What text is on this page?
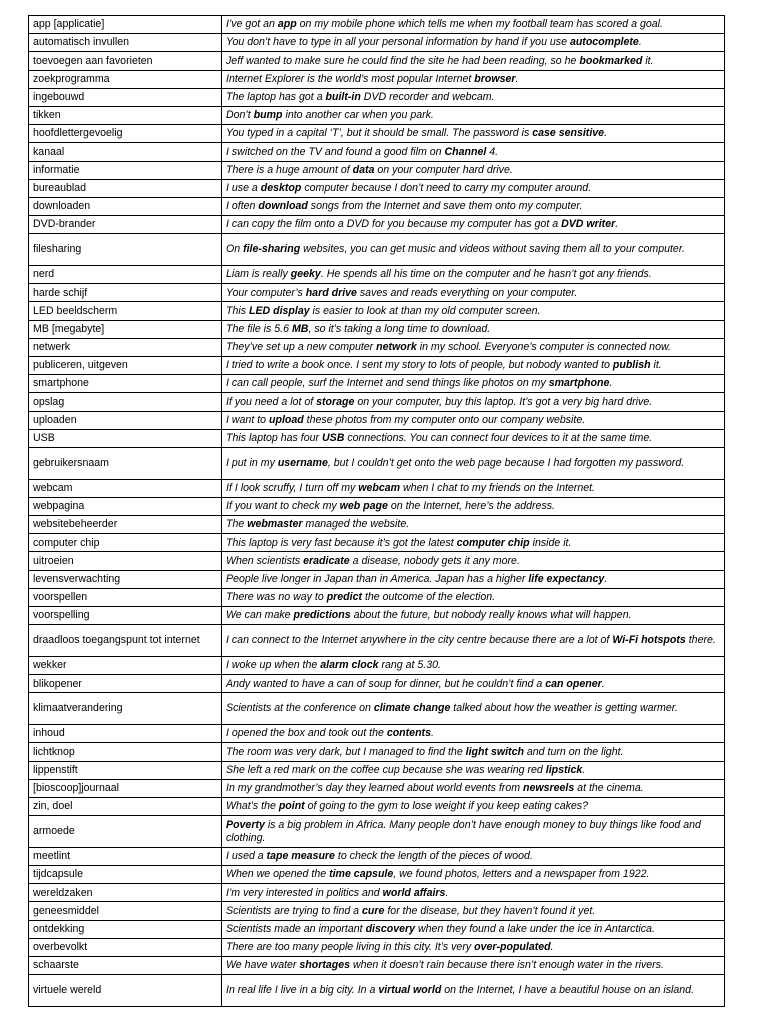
app [applicatie]	I’ve got an app on my mobile phone which tells me when my football team has scored a goal.
automatisch invullen	You don’t have to type in all your personal information by hand if you use autocomplete.
toevoegen aan favorieten	Jeff wanted to make sure he could find the site he had been reading, so he bookmarked it.
zoekprogramma	Internet Explorer is the world’s most popular Internet browser.
ingebouwd	The laptop has got a built-in DVD recorder and webcam.
tikken	Don’t bump into another car when you park.
hoofdlettergevoelig	You typed in a capital ‘T’, but it should be small. The password is case sensitive.
kanaal	I switched on the TV and found a good film on Channel 4.
informatie	There is a huge amount of data on your computer hard drive.
bureaublad	I use a desktop computer because I don’t need to carry my computer around.
downloaden	I often download songs from the Internet and save them onto my computer.
DVD-brander	I can copy the film onto a DVD for you because my computer has got a DVD writer.
filesharing	On file-sharing websites, you can get music and videos without saving them all to your computer.
nerd	Liam is really geeky. He spends all his time on the computer and he hasn’t got any friends.
harde schijf	Your computer’s hard drive saves and reads everything on your computer.
LED beeldscherm	This LED display is easier to look at than my old computer screen.
MB [megabyte]	The file is 5.6 MB, so it’s taking a long time to download.
netwerk	They’ve set up a new computer network in my school. Everyone’s computer is connected now.
publiceren, uitgeven	I tried to write a book once. I sent my story to lots of people, but nobody wanted to publish it.
smartphone	I can call people, surf the Internet and send things like photos on my smartphone.
opslag	If you need a lot of storage on your computer, buy this laptop. It’s got a very big hard drive.
uploaden	I want to upload these photos from my computer onto our company website.
USB	This laptop has four USB connections. You can connect four devices to it at the same time.
gebruikersnaam	I put in my username, but I couldn’t get onto the web page because I had forgotten my password.
webcam	If I look scruffy, I turn off my webcam when I chat to my friends on the Internet.
webpagina	If you want to check my web page on the Internet, here’s the address.
websitebeheerder	The webmaster managed the website.
computer chip	This laptop is very fast because it’s got the latest computer chip inside it.
uitroeien	When scientists eradicate a disease, nobody gets it any more.
levensverwachting	People live longer in Japan than in America. Japan has a higher life expectancy.
voorspellen	There was no way to predict the outcome of the election.
voorspelling	We can make predictions about the future, but nobody really knows what will happen.
draadloos toegangspunt tot internet	I can connect to the Internet anywhere in the city centre because there are a lot of Wi-Fi hotspots there.
wekker	I woke up when the alarm clock rang at 5.30.
blikopener	Andy wanted to have a can of soup for dinner, but he couldn’t find a can opener.
klimaatverandering	Scientists at the conference on climate change talked about how the weather is getting warmer.
inhoud	I opened the box and took out the contents.
lichtknop	The room was very dark, but I managed to find the light switch and turn on the light.
lippenstift	She left a red mark on the coffee cup because she was wearing red lipstick.
[bioscoop]journaal	In my grandmother’s day they learned about world events from newsreels at the cinema.
zin, doel	What’s the point of going to the gym to lose weight if you keep eating cakes?
armoede	Poverty is a big problem in Africa. Many people don’t have enough money to buy things like food and clothing.
meetlint	I used a tape measure to check the length of the pieces of wood.
tijdcapsule	When we opened the time capsule, we found photos, letters and a newspaper from 1922.
wereldzaken	I’m very interested in politics and world affairs.
geneesmiddel	Scientists are trying to find a cure for the disease, but they haven’t found it yet.
ontdekking	Scientists made an important discovery when they found a lake under the ice in Antarctica.
overbevolkt	There are too many people living in this city. It’s very over-populated.
schaarste	We have water shortages when it doesn’t rain because there isn’t enough water in the rivers.
virtuele wereld	In real life I live in a big city. In a virtual world on the Internet, I have a beautiful house on an island.
